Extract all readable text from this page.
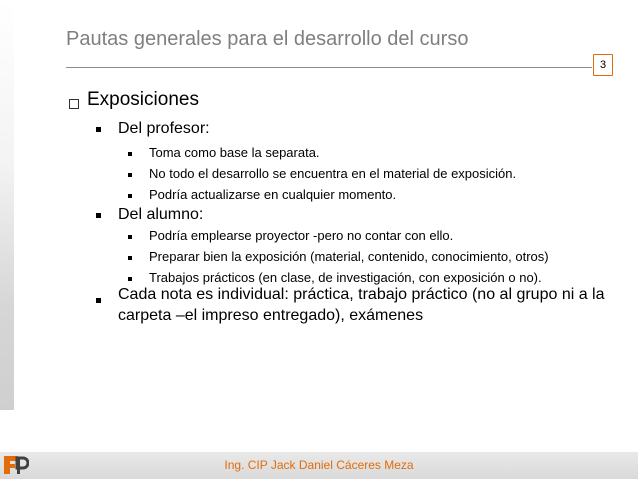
Pautas generales para el desarrollo del curso
3
Exposiciones
Del profesor:
Toma como base la separata.
No todo el desarrollo se encuentra en el material de exposición.
Podría actualizarse en cualquier momento.
Del alumno:
Podría emplearse proyector -pero no contar con ello.
Preparar bien la exposición (material, contenido, conocimiento, otros)
Trabajos prácticos (en clase, de investigación, con exposición o no).
Cada nota es individual: práctica, trabajo práctico (no al grupo ni a la carpeta –el impreso entregado), exámenes
Ing. CIP Jack Daniel Cáceres Meza
